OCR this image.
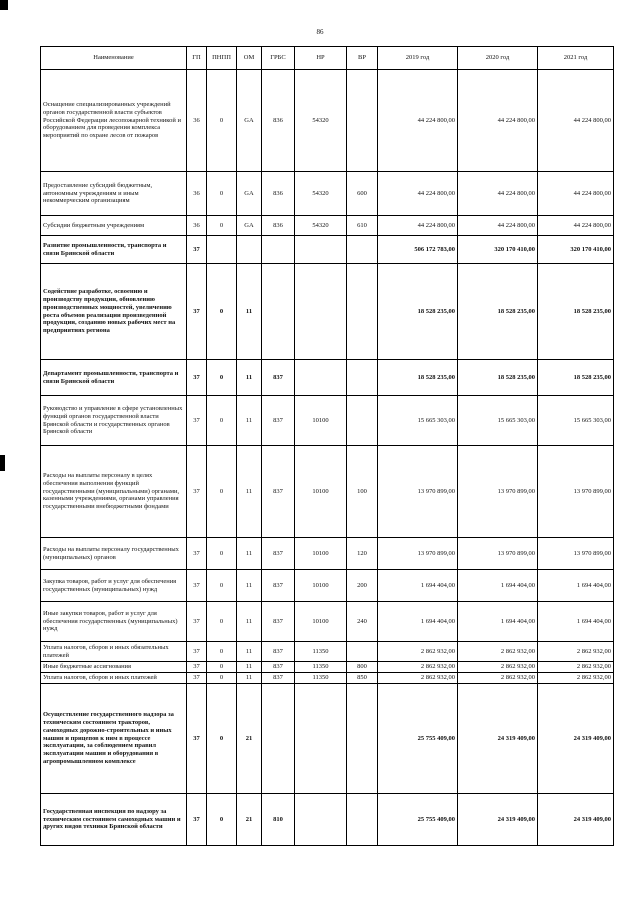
86
Наименование	ГП	ПНПП	ОМ	ГРБС	НР	ВР	2019 год	2020 год	2021 год
Оснащение специализированных учреждений органов государственной власти субъектов Российской Федерации лесопожарной техникой и оборудованием для проведения комплекса мероприятий по охране лесов от пожаров	36	0	GA	836	54320		44 224 800,00	44 224 800,00	44 224 800,00
Предоставление субсидий бюджетным, автономным учреждениям и иным некоммерческим организациям	36	0	GA	836	54320	600	44 224 800,00	44 224 800,00	44 224 800,00
Субсидии бюджетным учреждениям	36	0	GA	836	54320	610	44 224 800,00	44 224 800,00	44 224 800,00
Развитие промышленности, транспорта и связи Брянской области	37						506 172 783,00	320 170 410,00	320 170 410,00
Содействие разработке, освоению и производству продукции, обновлению производственных мощностей, увеличению роста объемов реализации произведенной продукции, созданию новых рабочих мест на предприятиях региона	37	0	11				18 528 235,00	18 528 235,00	18 528 235,00
Департамент промышленности, транспорта и связи Брянской области	37	0	11	837			18 528 235,00	18 528 235,00	18 528 235,00
Руководство и управление в сфере установленных функций органов государственной власти Брянской области и государственных органов Брянской области	37	0	11	837	10100		15 665 303,00	15 665 303,00	15 665 303,00
Расходы на выплаты персоналу в целях обеспечения выполнения функций государственными (муниципальными) органами, казенными учреждениями, органами управления государственными внебюджетными фондами	37	0	11	837	10100	100	13 970 899,00	13 970 899,00	13 970 899,00
Расходы на выплаты персоналу государственных (муниципальных) органов	37	0	11	837	10100	120	13 970 899,00	13 970 899,00	13 970 899,00
Закупка товаров, работ и услуг для обеспечения государственных (муниципальных) нужд	37	0	11	837	10100	200	1 694 404,00	1 694 404,00	1 694 404,00
Иные закупки товаров, работ и услуг для обеспечения государственных (муниципальных) нужд	37	0	11	837	10100	240	1 694 404,00	1 694 404,00	1 694 404,00
Уплата налогов, сборов и иных обязательных платежей	37	0	11	837	11350		2 862 932,00	2 862 932,00	2 862 932,00
Иные бюджетные ассигнования	37	0	11	837	11350	800	2 862 932,00	2 862 932,00	2 862 932,00
Уплата налогов, сборов и иных платежей	37	0	11	837	11350	850	2 862 932,00	2 862 932,00	2 862 932,00
Осуществление государственного надзора за техническим состоянием тракторов, самоходных дорожно-строительных и иных машин и прицепов к ним в процессе эксплуатации, за соблюдением правил эксплуатации машин и оборудования в агропромышленном комплексе	37	0	21				25 755 409,00	24 319 409,00	24 319 409,00
Государственная инспекция по надзору за техническим состоянием самоходных машин и других видов техники Брянской области	37	0	21	810			25 755 409,00	24 319 409,00	24 319 409,00
